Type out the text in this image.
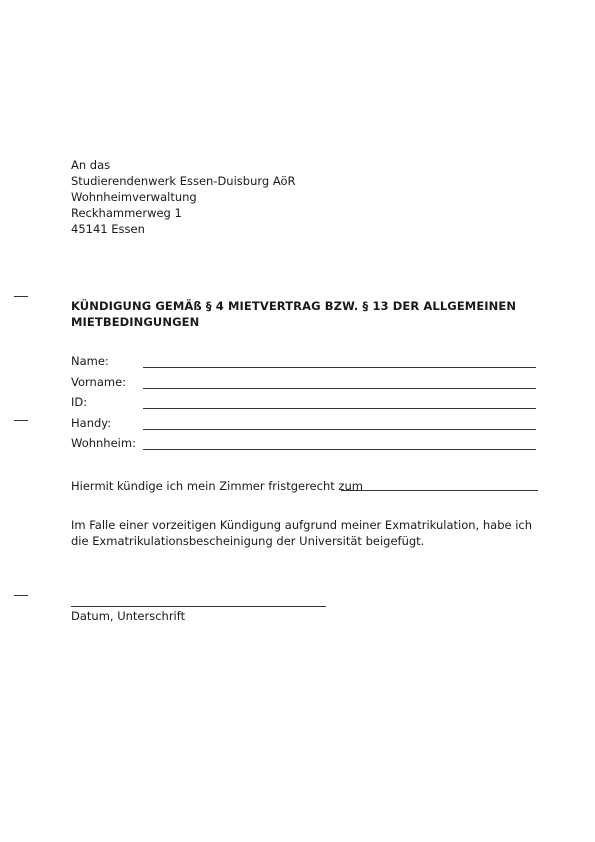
An das
Studierendenwerk Essen-Duisburg AöR
Wohnheimverwaltung
Reckhammerweg 1
45141 Essen
KÜNDIGUNG GEMÄß § 4 MIETVERTRAG BZW. § 13 DER ALLGEMEINEN MIETBEDINGUNGEN
Name:
Vorname:
ID:
Handy:
Wohnheim:
Hiermit kündige ich mein Zimmer fristgerecht zum
Im Falle einer vorzeitigen Kündigung aufgrund meiner Exmatrikulation, habe ich die Exmatrikulationsbescheinigung der Universität beigefügt.
Datum, Unterschrift
